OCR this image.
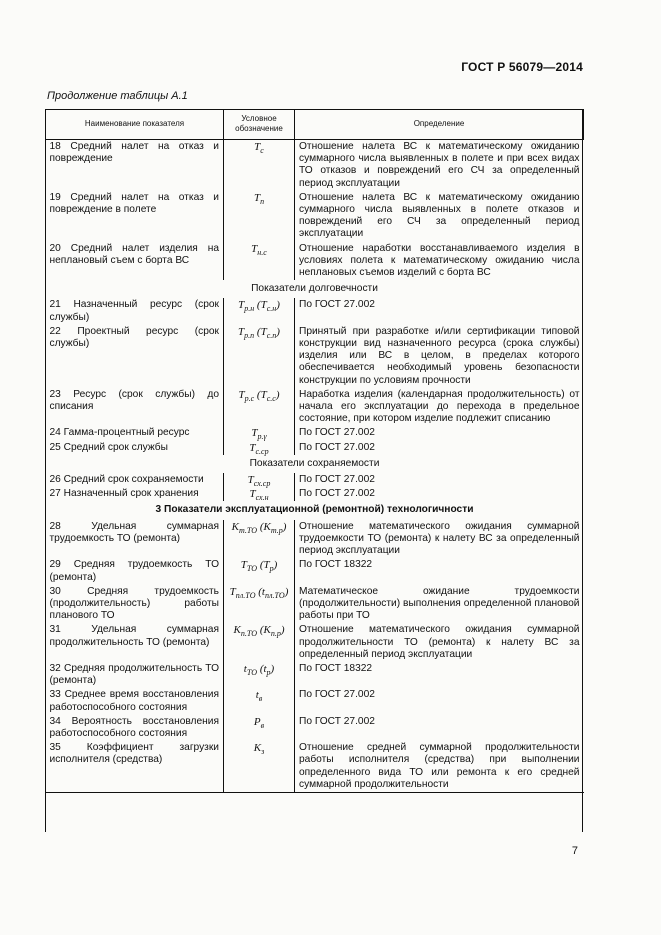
ГОСТ Р 56079—2014
Продолжение таблицы А.1
Наименование показателя	Условное обозначение	Определение
18 Средний налет на отказ и повреждение	$T_c$	Отношение налета ВС к математическому ожиданию суммарного числа выявленных в полете и при всех видах ТО отказов и повреждений его СЧ за определенный период эксплуатации
19 Средний налет на отказ и повреждение в полете	$T_п$	Отношение налета ВС к математическому ожиданию суммарного числа выявленных в полете отказов и повреждений его СЧ за определенный период эксплуатации
20 Средний налет изделия на неплановый съем с борта ВС	$T_{н.с}$	Отношение наработки восстанавливаемого изделия в условиях полета к математическому ожиданию числа неплановых съемов изделий с борта ВС
Показатели долговечности		
21 Назначенный ресурс (срок службы)	$T_{р.н}$ $(T_{с.н})$	По ГОСТ 27.002
22 Проектный ресурс (срок службы)	$T_{р.п}$ $(T_{с.п})$	Принятый при разработке и/или сертификации типовой конструкции вид назначенного ресурса (срока службы) изделия или ВС в целом, в пределах которого обеспечивается необходимый уровень безопасности конструкции по условиям прочности
23 Ресурс (срок службы) до списания	$T_{р.с}$ $(T_{с.с})$	Наработка изделия (календарная продолжительность) от начала его эксплуатации до перехода в предельное состояние, при котором изделие подлежит списанию
24 Гамма-процентный ресурс	$T_{р.\gamma}$	По ГОСТ 27.002
25 Средний срок службы	$T_{с.ср}$	По ГОСТ 27.002
Показатели сохраняемости		
26 Средний срок сохраняемости	$T_{сх.ср}$	По ГОСТ 27.002
27 Назначенный срок хранения	$T_{сх.н}$	По ГОСТ 27.002
3 Показатели эксплуатационной (ремонтной) технологичности		
28 Удельная суммарная трудоемкость ТО (ремонта)	$K_{т.ТО}$ $(K_{т.р})$	Отношение математического ожидания суммарной трудоемкости ТО (ремонта) к налету ВС за определенный период эксплуатации
29 Средняя трудоемкость ТО (ремонта)	$T_{ТО}$ $(T_р)$	По ГОСТ 18322
30 Средняя трудоемкость (продолжительность) работы планового ТО	$T_{пл.ТО}$ $(t_{пл.ТО})$	Математическое ожидание трудоемкости (продолжительности) выполнения определенной плановой работы при ТО
31 Удельная суммарная продолжительность ТО (ремонта)	$K_{п.ТО}$ $(K_{п.р})$	Отношение математического ожидания суммарной продолжительности ТО (ремонта) к налету ВС за определенный период эксплуатации
32 Средняя продолжительность ТО (ремонта)	$t_{ТО}$ $(t_р)$	По ГОСТ 18322
33 Среднее время восстановления работоспособного состояния	$t_в$	По ГОСТ 27.002
34 Вероятность восстановления работоспособного состояния	$P_в$	По ГОСТ 27.002
35 Коэффициент загрузки исполнителя (средства)	$K_з$	Отношение средней суммарной продолжительности работы исполнителя (средства) при выполнении определенного вида ТО или ремонта к его средней суммарной продолжительности
7
